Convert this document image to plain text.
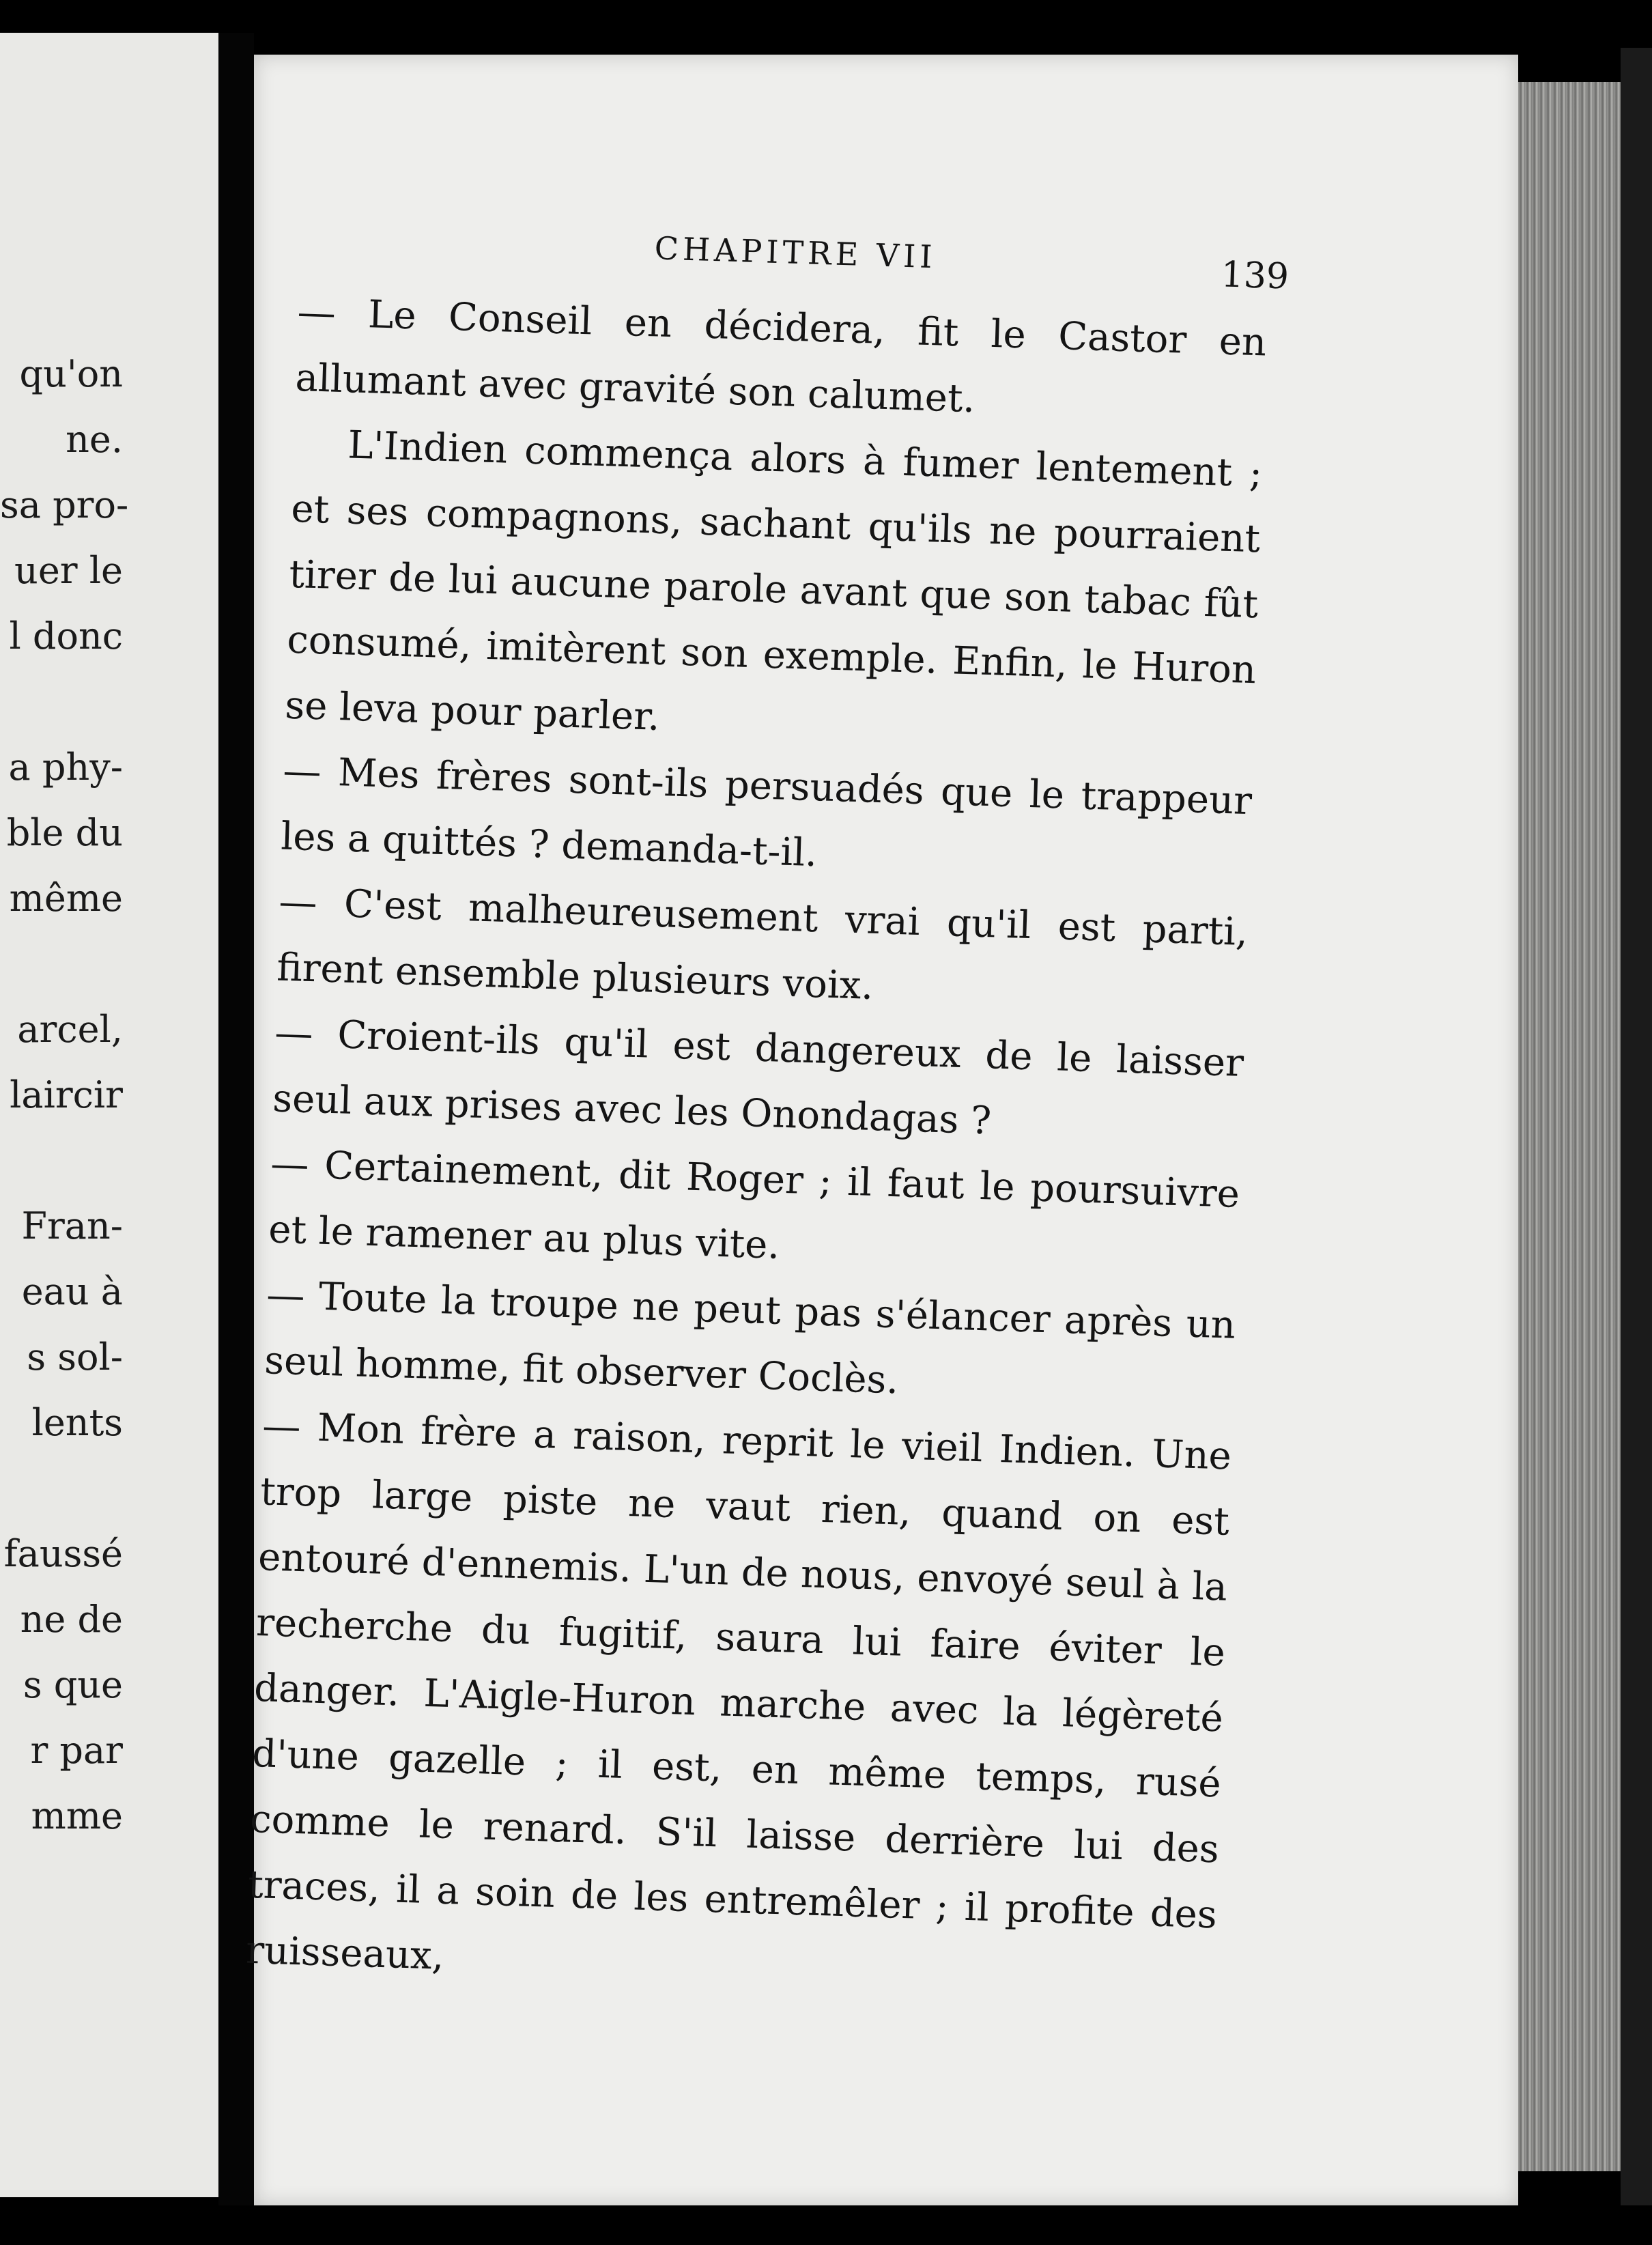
qu'on
ne.
sa pro-
uer le
l donc
a phy-
ble du
même
arcel,
laircir
Fran-
eau à
s sol-
lents
faussé
ne de
s que
r par
mme
CHAPITRE VII
139

— Le Conseil en décidera, fit le Castor en allumant avec gravité son calumet.

L'Indien commença alors à fumer lentement ; et ses compagnons, sachant qu'ils ne pourraient tirer de lui aucune parole avant que son tabac fût consumé, imitèrent son exemple. Enfin, le Huron se leva pour parler.

— Mes frères sont-ils persuadés que le trappeur les a quittés ? demanda-t-il.

— C'est malheureusement vrai qu'il est parti, firent ensemble plusieurs voix.

— Croient-ils qu'il est dangereux de le laisser seul aux prises avec les Onondagas ?

— Certainement, dit Roger ; il faut le poursuivre et le ramener au plus vite.

— Toute la troupe ne peut pas s'élancer après un seul homme, fit observer Coclès.

— Mon frère a raison, reprit le vieil Indien. Une trop large piste ne vaut rien, quand on est entouré d'ennemis. L'un de nous, envoyé seul à la recherche du fugitif, saura lui faire éviter le danger. L'Aigle-Huron marche avec la légèreté d'une gazelle ; il est, en même temps, rusé comme le renard. S'il laisse derrière lui des traces, il a soin de les entremêler ; il profite des ruisseaux,
